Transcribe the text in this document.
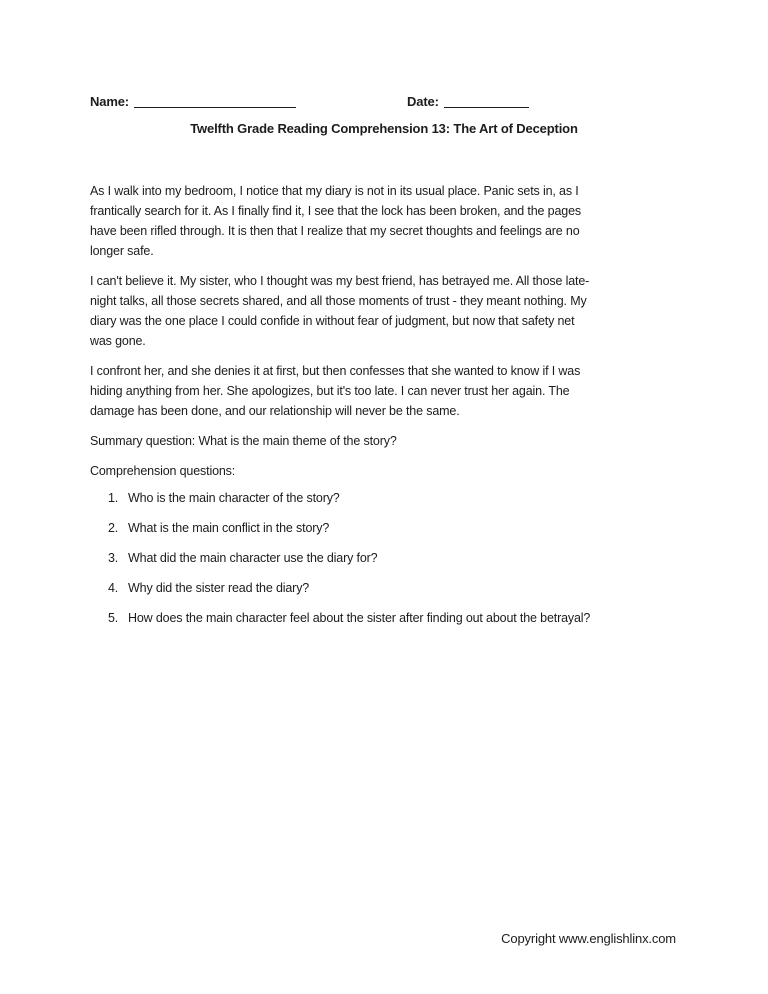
Name:	Date:
Twelfth Grade Reading Comprehension 13: The Art of Deception
As I walk into my bedroom, I notice that my diary is not in its usual place. Panic sets in, as I
frantically search for it. As I finally find it, I see that the lock has been broken, and the pages
have been rifled through. It is then that I realize that my secret thoughts and feelings are no
longer safe.
I can't believe it. My sister, who I thought was my best friend, has betrayed me. All those late-
night talks, all those secrets shared, and all those moments of trust - they meant nothing. My
diary was the one place I could confide in without fear of judgment, but now that safety net
was gone.
I confront her, and she denies it at first, but then confesses that she wanted to know if I was
hiding anything from her. She apologizes, but it's too late. I can never trust her again. The
damage has been done, and our relationship will never be the same.
Summary question: What is the main theme of the story?
Comprehension questions:
1. Who is the main character of the story?
2. What is the main conflict in the story?
3. What did the main character use the diary for?
4. Why did the sister read the diary?
5. How does the main character feel about the sister after finding out about the betrayal?
Copyright www.englishlinx.com
